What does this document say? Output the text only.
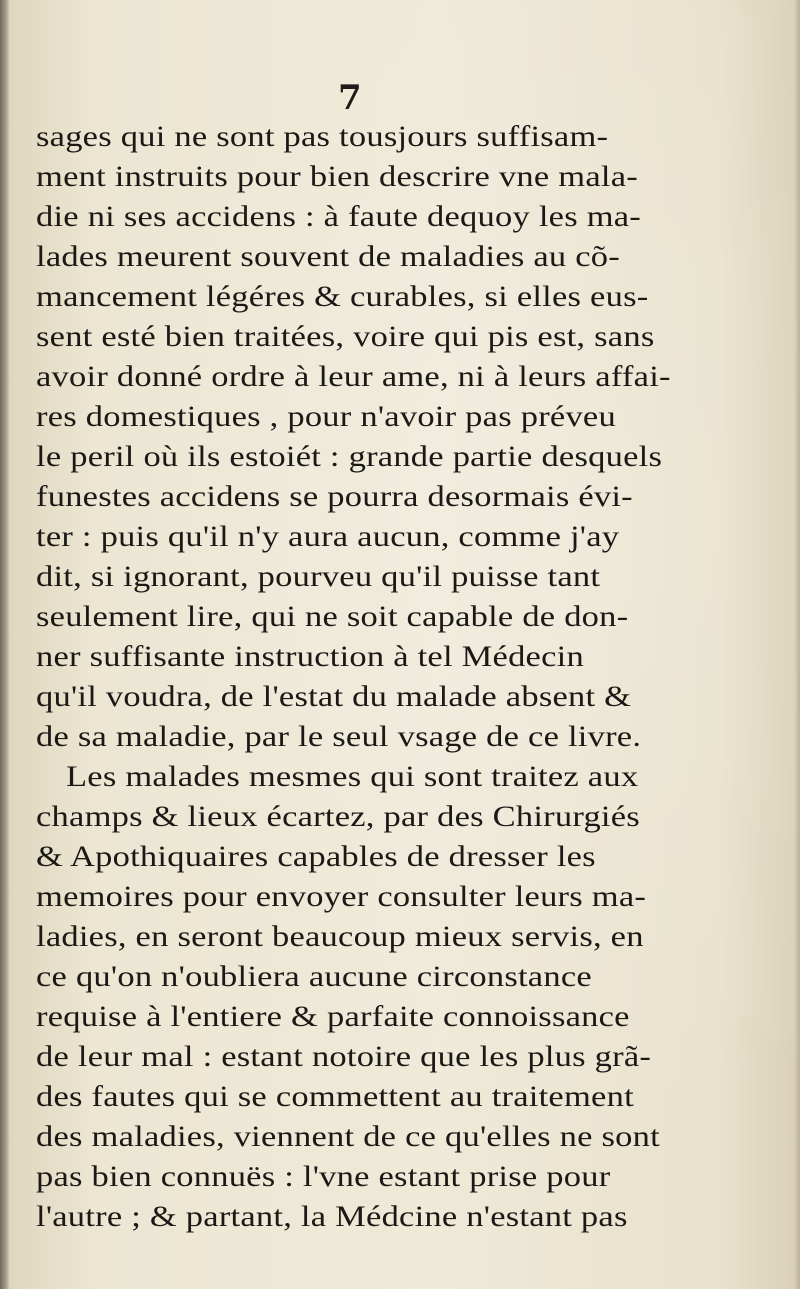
7
sages qui ne sont pas tousjours suffisam-
ment instruits pour bien descrire vne mala-
die ni ses accidens : à faute dequoy les ma-
lades meurent souvent de maladies au cõ-
mancement légéres & curables, si elles eus-
sent esté bien traitées, voire qui pis est, sans
avoir donné ordre à leur ame, ni à leurs affai-
res domestiques , pour n'avoir pas préveu
le peril où ils estoiét : grande partie desquels
funestes accidens se pourra desormais évi-
ter : puis qu'il n'y aura aucun, comme j'ay
dit, si ignorant, pourveu qu'il puisse tant
seulement lire, qui ne soit capable de don-
ner suffisante instruction à tel Médecin
qu'il voudra, de l'estat du malade absent &
de sa maladie, par le seul vsage de ce livre.
Les malades mesmes qui sont traitez aux
champs & lieux écartez, par des Chirurgiés
& Apothiquaires capables de dresser les
memoires pour envoyer consulter leurs ma-
ladies, en seront beaucoup mieux servis, en
ce qu'on n'oubliera aucune circonstance
requise à l'entiere & parfaite connoissance
de leur mal : estant notoire que les plus grã-
des fautes qui se commettent au traitement
des maladies, viennent de ce qu'elles ne sont
pas bien connuës : l'vne estant prise pour
l'autre ; & partant, la Médcine n'estant pas
